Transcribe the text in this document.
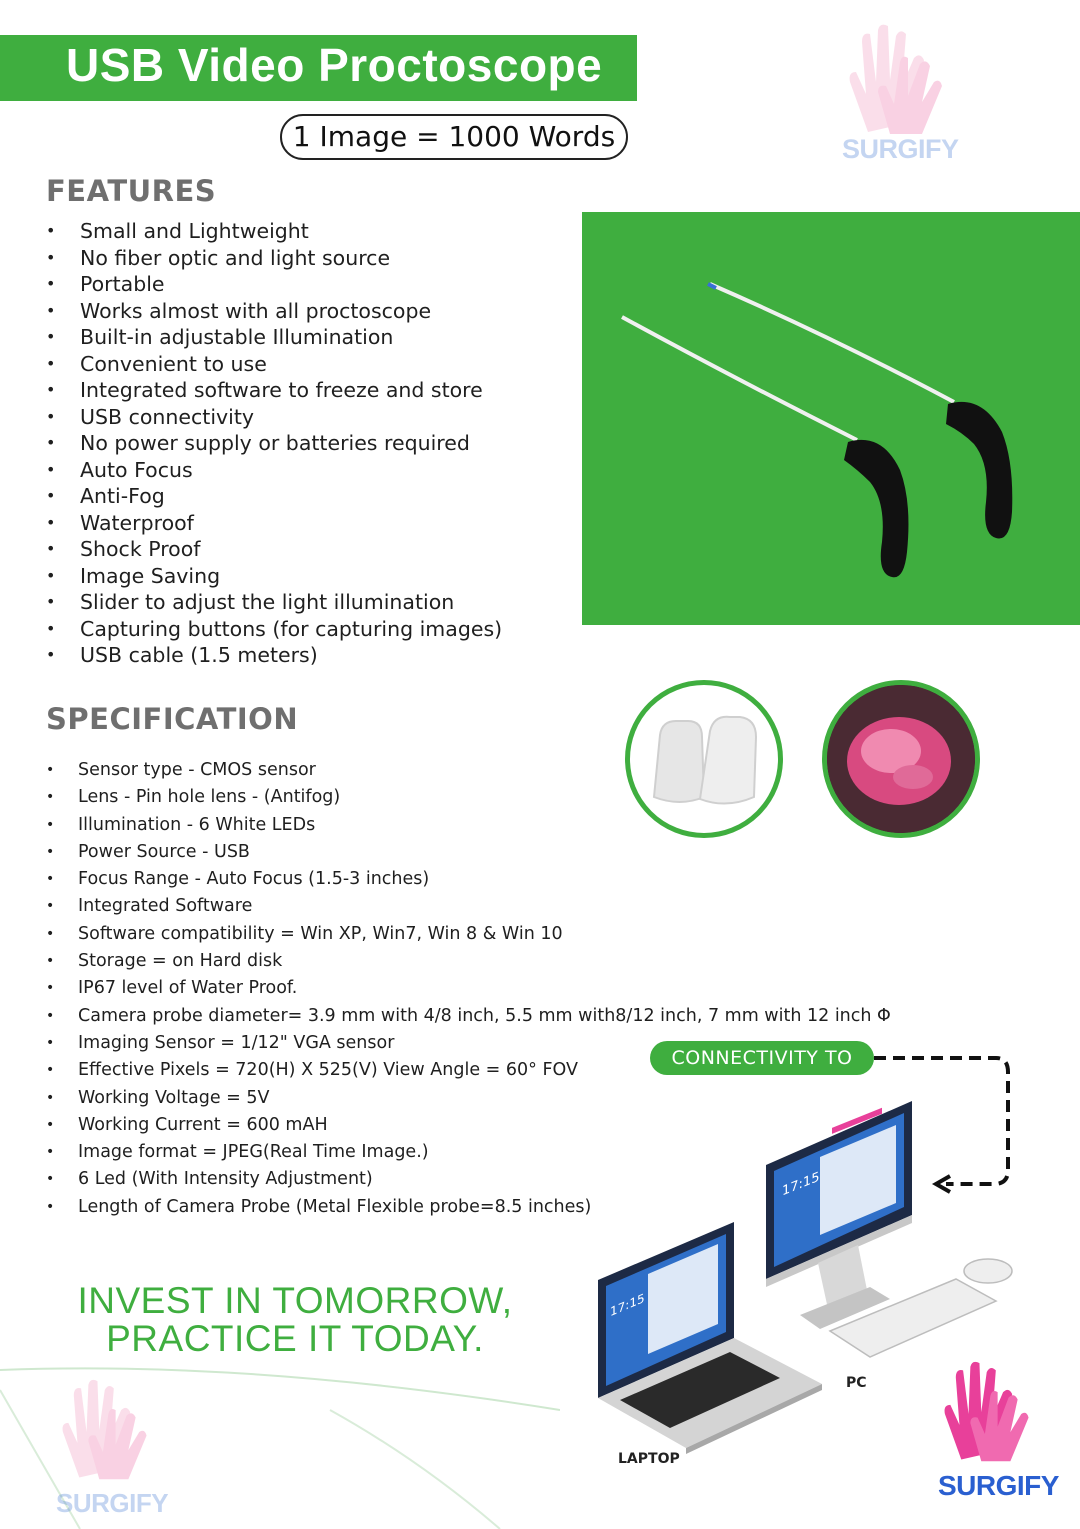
USB Video Proctoscope
1 Image = 1000 Words	SURGIFY
FEATURES
• Small and Lightweight
• No fiber optic and light source
• Portable
• Works almost with all proctoscope
• Built-in adjustable Illumination
• Convenient to use
• Integrated software to freeze and store
• USB connectivity
• No power supply or batteries required
• Auto Focus
• Anti-Fog
• Waterproof
• Shock Proof
• Image Saving
• Slider to adjust the light illumination
• Capturing buttons (for capturing images)
• USB cable (1.5 meters)
SPECIFICATION
• Sensor type - CMOS sensor
• Lens - Pin hole lens - (Antifog)
• Illumination - 6 White LEDs
• Power Source - USB
• Focus Range - Auto Focus (1.5-3 inches)
• Integrated Software
• Software compatibility = Win XP, Win7, Win 8 & Win 10
• Storage = on Hard disk
• IP67 level of Water Proof.
• Camera probe diameter= 3.9 mm with 4/8 inch, 5.5 mm with8/12 inch, 7 mm with 12 inch Φ
• Imaging Sensor = 1/12" VGA sensor
• Effective Pixels = 720(H) X 525(V) View Angle = 60° FOV
• Working Voltage = 5V
• Working Current = 600 mAH
• Image format = JPEG(Real Time Image.)
• 6 Led (With Intensity Adjustment)
• Length of Camera Probe (Metal Flexible probe=8.5 inches)
CONNECTIVITY TO
17:15
PC
17:15
LAPTOP
INVEST IN TOMORROW,
PRACTICE IT TODAY.
SURGIFY
SURGIFY
